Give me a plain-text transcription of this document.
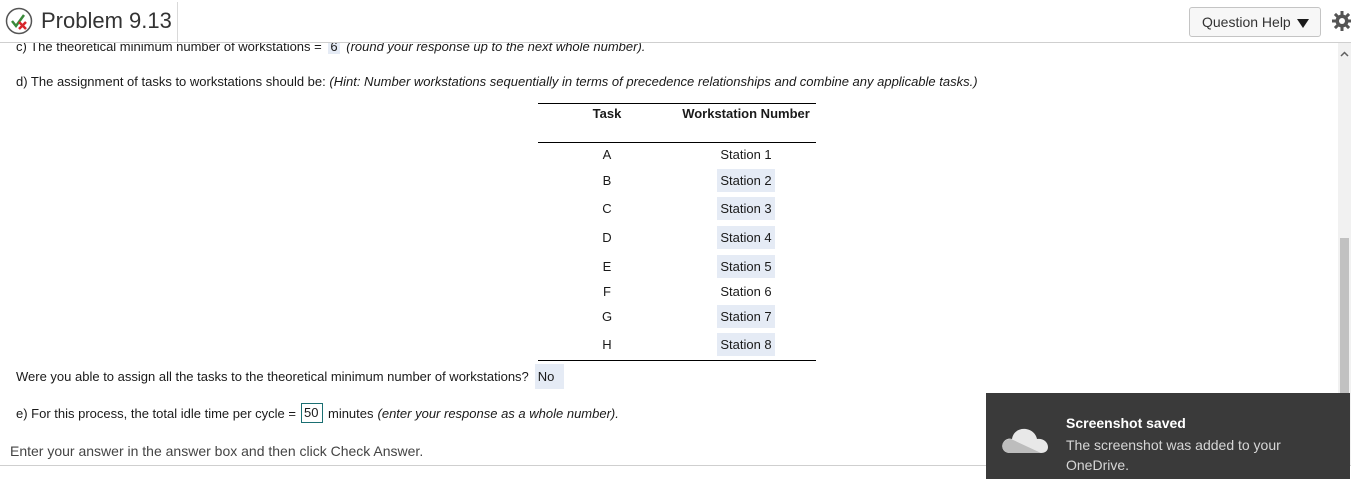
Problem 9.13	Question Help
c) The theoretical minimum number of workstations = 6 (round your response up to the next whole number).
d) The assignment of tasks to workstations should be: (Hint: Number workstations sequentially in terms of precedence relationships and combine any applicable tasks.)
Task	Workstation Number
A	Station 1
B	Station 2
C	Station 3
D	Station 4
E	Station 5
F	Station 6
G	Station 7
H	Station 8
Were you able to assign all the tasks to the theoretical minimum number of workstations? No
e) For this process, the total idle time per cycle = 50 minutes (enter your response as a whole number).
Enter your answer in the answer box and then click Check Answer.
Screenshot saved
The screenshot was added to your OneDrive.
